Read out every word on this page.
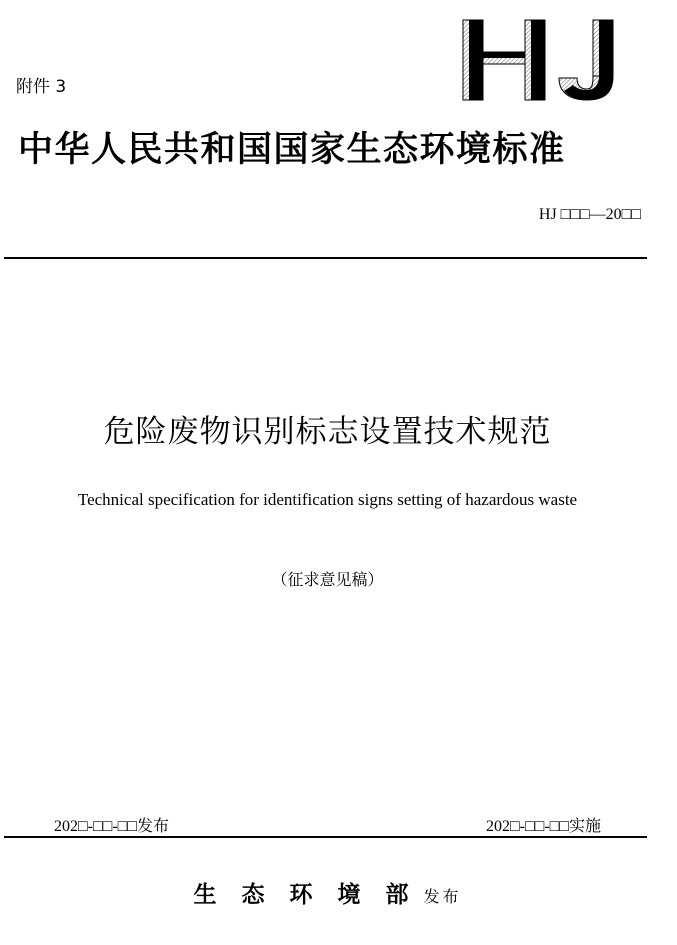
附件 3
中华人民共和国国家生态环境标准
HJ □□□—20□□
危险废物识别标志设置技术规范
Technical specification for identification signs setting of hazardous waste
（征求意见稿）
202□-□□-□□发布	202□-□□-□□实施
生态环境部发布
